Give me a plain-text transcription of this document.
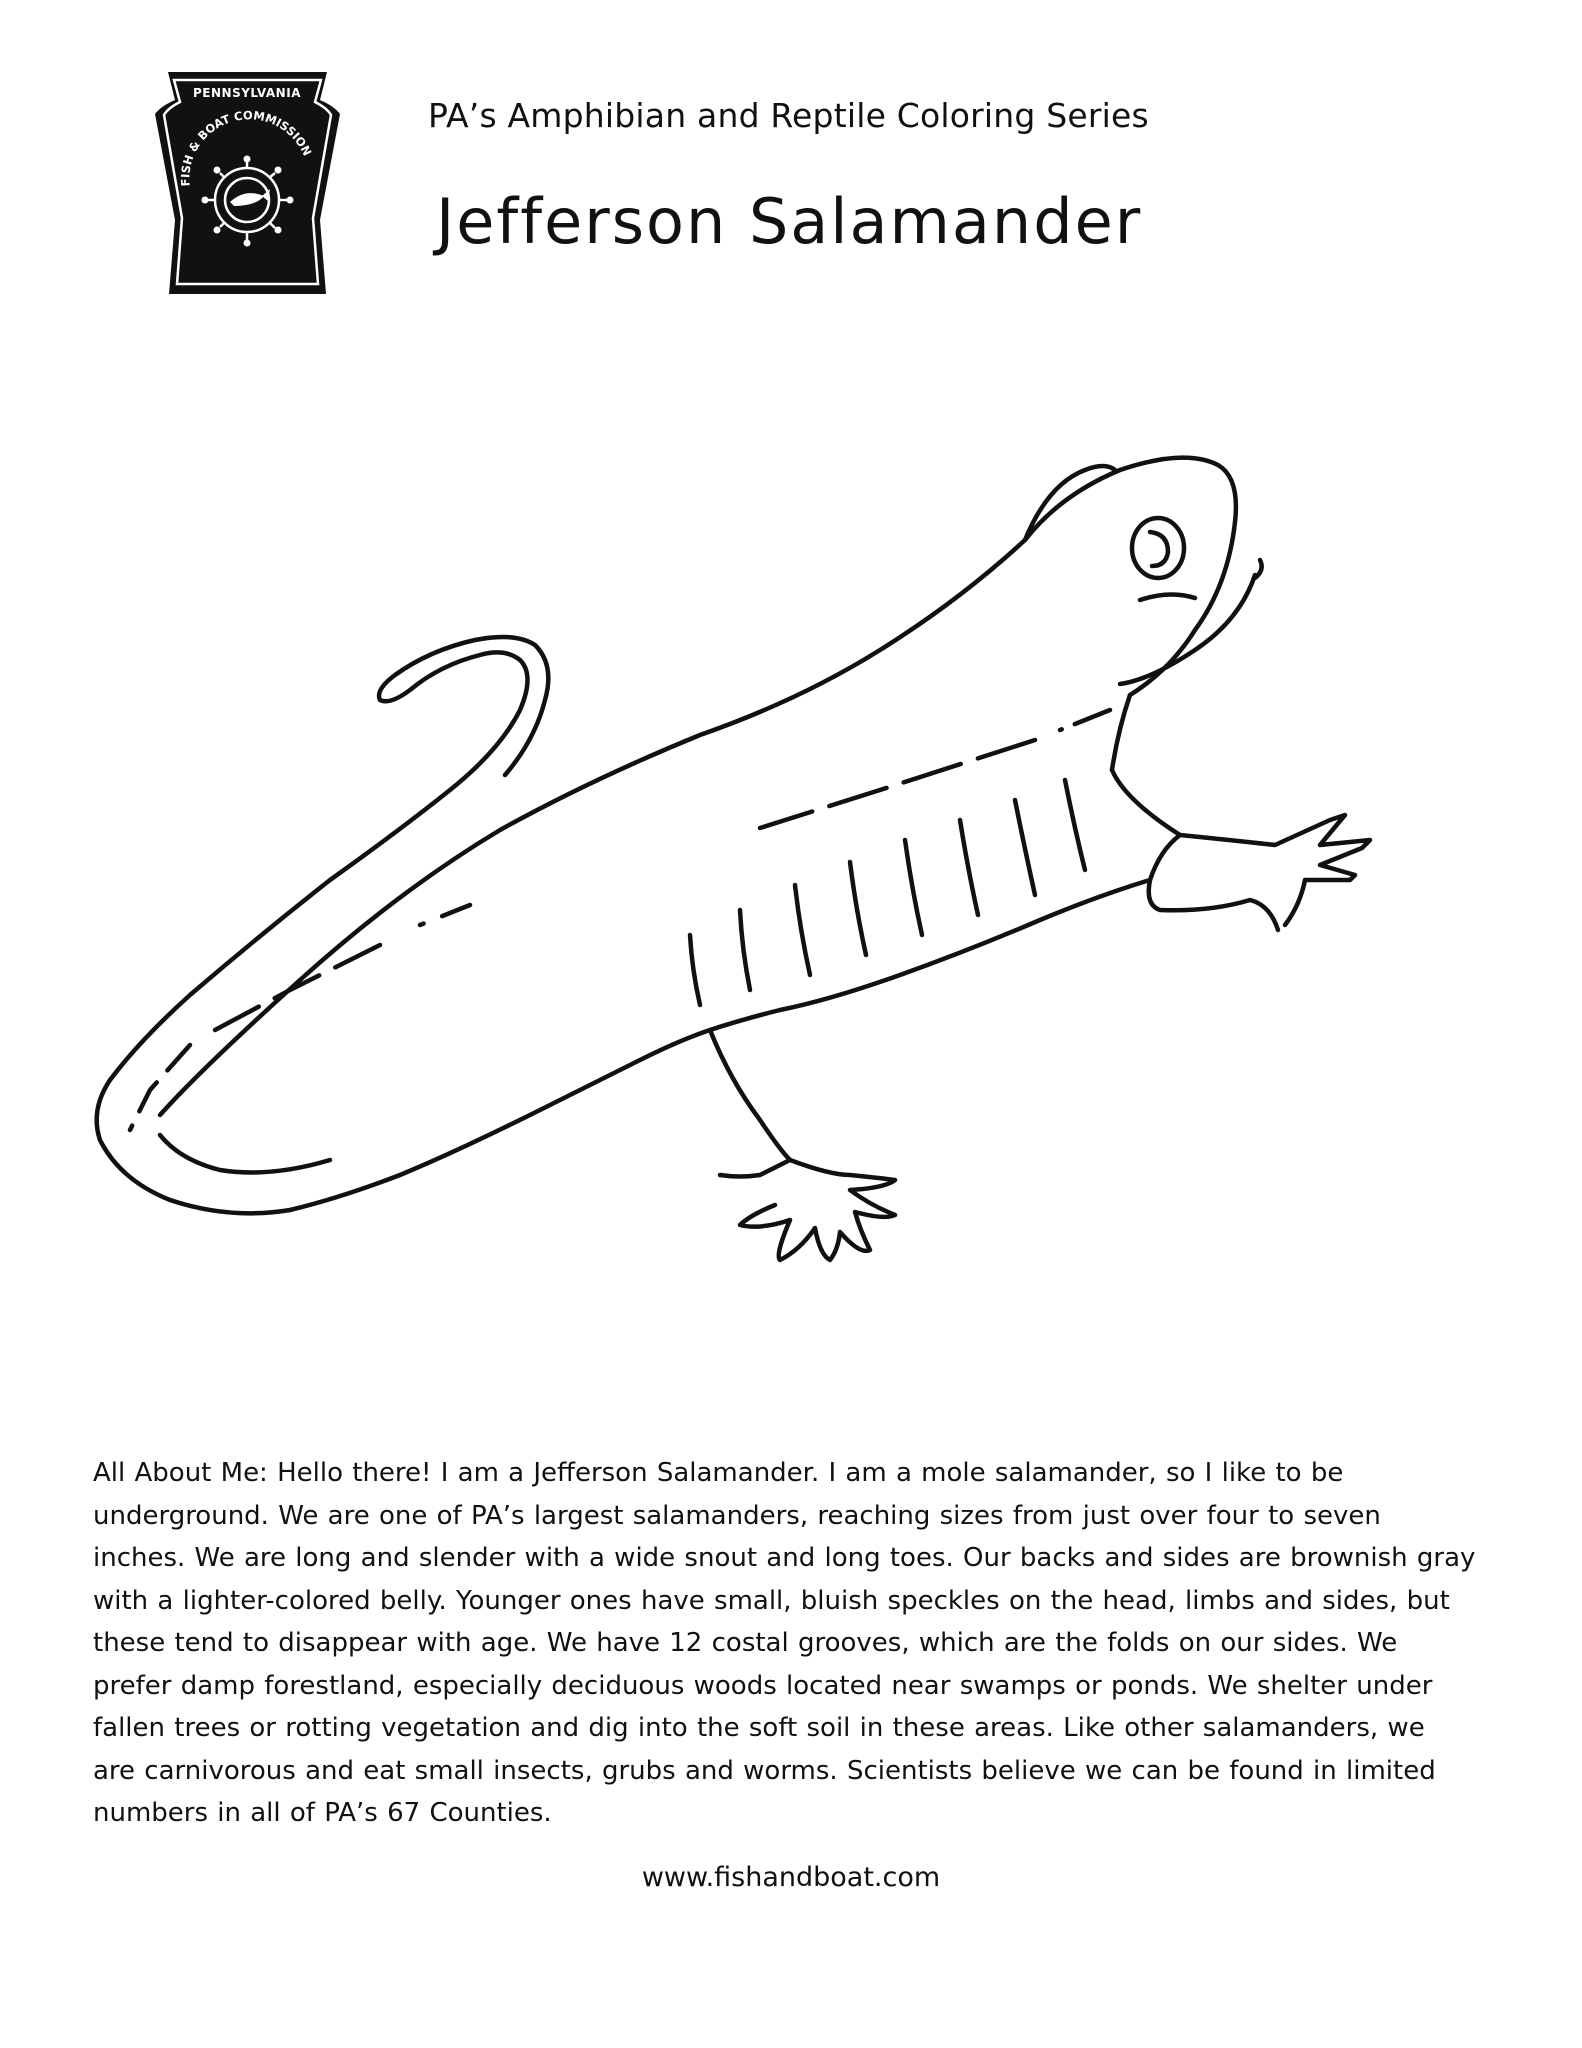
PENNSYLVANIA
FISH & BOAT COMMISSION
PA’s Amphibian and Reptile Coloring Series
Jefferson Salamander
All About Me: Hello there! I am a Jefferson Salamander. I am a mole salamander, so I like to be
underground. We are one of PA’s largest salamanders, reaching sizes from just over four to seven
inches. We are long and slender with a wide snout and long toes. Our backs and sides are brownish gray
with a lighter-colored belly. Younger ones have small, bluish speckles on the head, limbs and sides, but
these tend to disappear with age. We have 12 costal grooves, which are the folds on our sides. We
prefer damp forestland, especially deciduous woods located near swamps or ponds. We shelter under
fallen trees or rotting vegetation and dig into the soft soil in these areas. Like other salamanders, we
are carnivorous and eat small insects, grubs and worms. Scientists believe we can be found in limited
numbers in all of PA’s 67 Counties.
www.fishandboat.com
